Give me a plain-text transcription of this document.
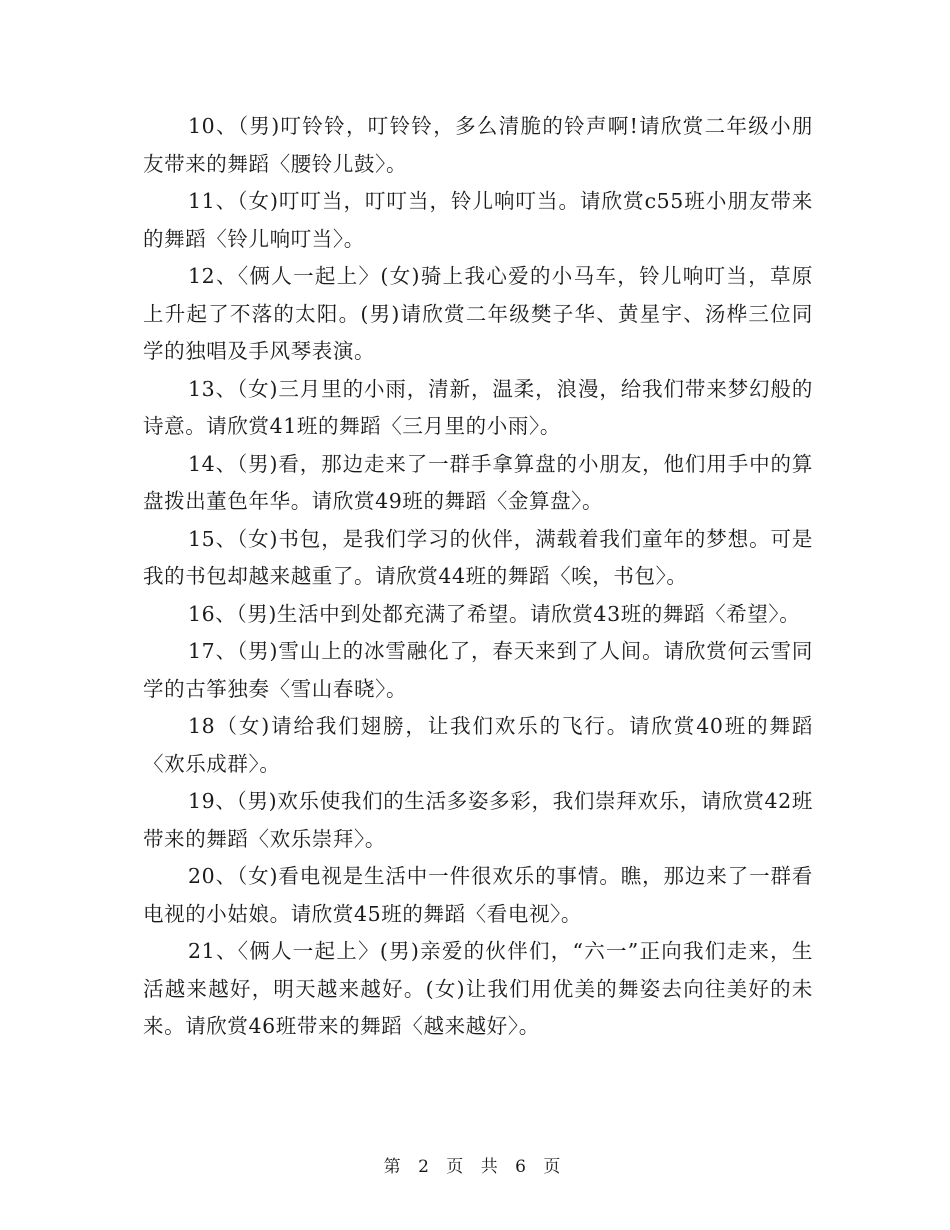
10、（男)叮铃铃，叮铃铃，多么清脆的铃声啊!请欣赏二年级小朋友带来的舞蹈〈腰铃儿鼓〉。

11、（女)叮叮当，叮叮当，铃儿响叮当。请欣赏c55班小朋友带来的舞蹈〈铃儿响叮当〉。

12、〈俩人一起上〉(女)骑上我心爱的小马车，铃儿响叮当，草原上升起了不落的太阳。(男)请欣赏二年级樊子华、黄星宇、汤桦三位同学的独唱及手风琴表演。

13、（女)三月里的小雨，清新，温柔，浪漫，给我们带来梦幻般的诗意。请欣赏41班的舞蹈〈三月里的小雨〉。

14、（男)看，那边走来了一群手拿算盘的小朋友，他们用手中的算盘拨出董色年华。请欣赏49班的舞蹈〈金算盘〉。

15、（女)书包，是我们学习的伙伴，满载着我们童年的梦想。可是我的书包却越来越重了。请欣赏44班的舞蹈〈唉，书包〉。

16、（男)生活中到处都充满了希望。请欣赏43班的舞蹈〈希望〉。

17、（男)雪山上的冰雪融化了，春天来到了人间。请欣赏何云雪同学的古筝独奏〈雪山春晓〉。

18（女)请给我们翅膀，让我们欢乐的飞行。请欣赏40班的舞蹈〈欢乐成群〉。

19、（男)欢乐使我们的生活多姿多彩，我们崇拜欢乐，请欣赏42班带来的舞蹈〈欢乐崇拜〉。

20、（女)看电视是生活中一件很欢乐的事情。瞧，那边来了一群看电视的小姑娘。请欣赏45班的舞蹈〈看电视〉。

21、〈俩人一起上〉(男)亲爱的伙伴们，“六一”正向我们走来，生活越来越好，明天越来越好。(女)让我们用优美的舞姿去向往美好的未来。请欣赏46班带来的舞蹈〈越来越好〉。

第 2 页 共 6 页
